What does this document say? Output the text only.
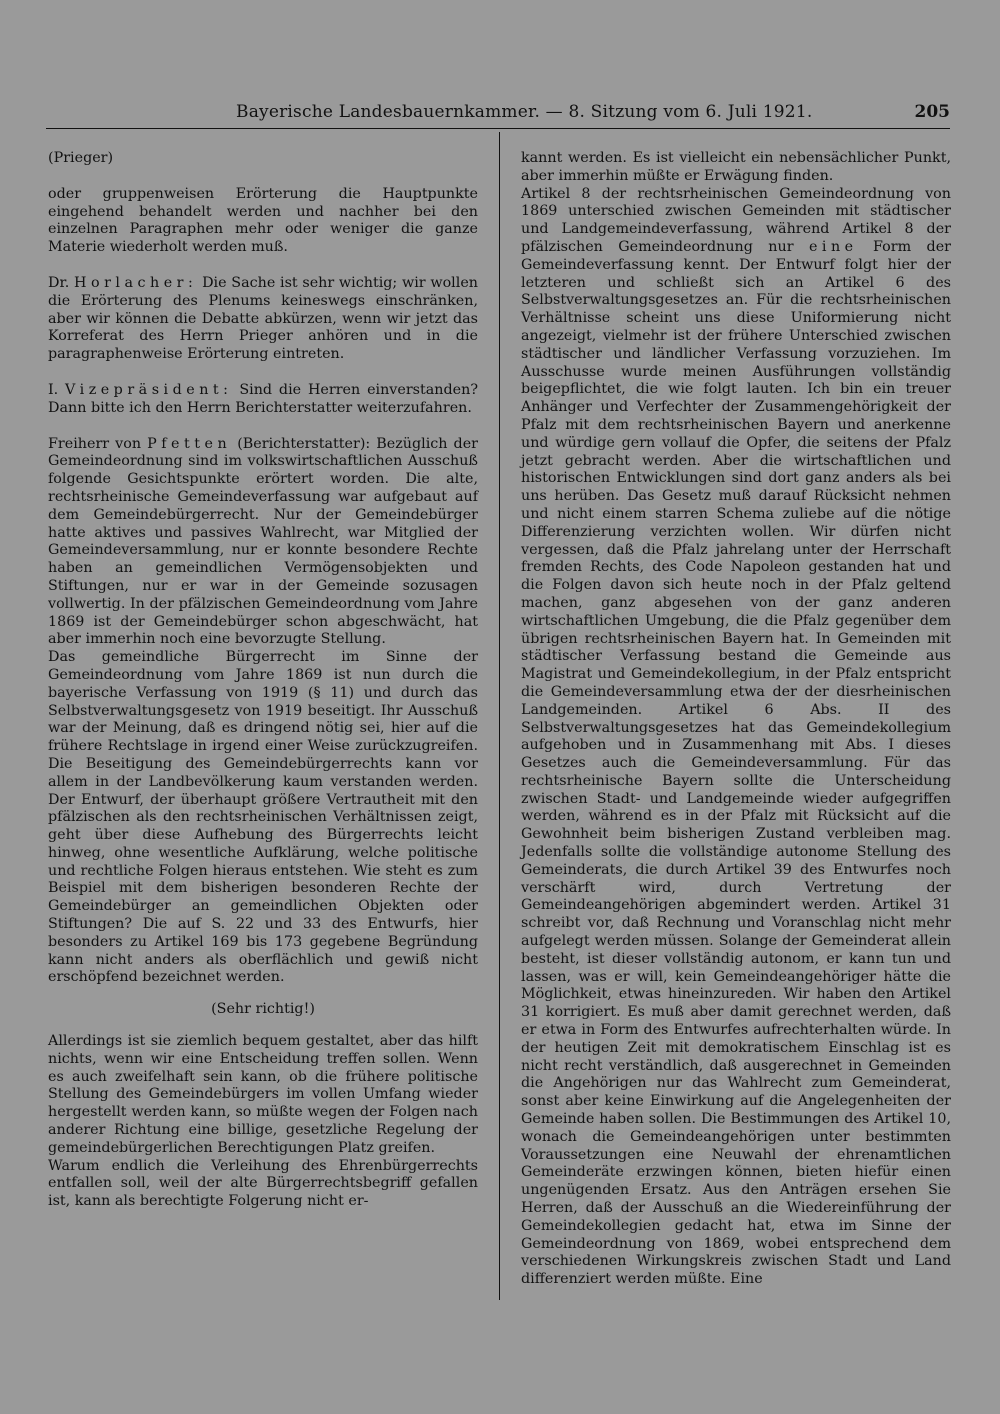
Bayerische Landesbauernkammer. — 8. Sitzung vom 6. Juli 1921.	205

(Prieger)

oder gruppenweisen Erörterung die Hauptpunkte eingehend behandelt werden und nachher bei den einzelnen Paragraphen mehr oder weniger die ganze Materie wiederholt werden muß.

Dr. Horlacher: Die Sache ist sehr wichtig; wir wollen die Erörterung des Plenums keineswegs einschränken, aber wir können die Debatte abkürzen, wenn wir jetzt das Korreferat des Herrn Prieger anhören und in die paragraphenweise Erörterung eintreten.

I. Vizepräsident: Sind die Herren einverstanden? Dann bitte ich den Herrn Berichterstatter weiterzufahren.

Freiherr von Pfetten (Berichterstatter): Bezüglich der Gemeindeordnung sind im volkswirtschaftlichen Ausschuß folgende Gesichtspunkte erörtert worden. Die alte, rechtsrheinische Gemeindeverfassung war aufgebaut auf dem Gemeindebürgerrecht. Nur der Gemeindebürger hatte aktives und passives Wahlrecht, war Mitglied der Gemeindeversammlung, nur er konnte besondere Rechte haben an gemeindlichen Vermögensobjekten und Stiftungen, nur er war in der Gemeinde sozusagen vollwertig. In der pfälzischen Gemeindeordnung vom Jahre 1869 ist der Gemeindebürger schon abgeschwächt, hat aber immerhin noch eine bevorzugte Stellung.

Das gemeindliche Bürgerrecht im Sinne der Gemeindeordnung vom Jahre 1869 ist nun durch die bayerische Verfassung von 1919 (§ 11) und durch das Selbstverwaltungsgesetz von 1919 beseitigt. Ihr Ausschuß war der Meinung, daß es dringend nötig sei, hier auf die frühere Rechtslage in irgend einer Weise zurückzugreifen. Die Beseitigung des Gemeindebürgerrechts kann vor allem in der Landbevölkerung kaum verstanden werden. Der Entwurf, der überhaupt größere Vertrautheit mit den pfälzischen als den rechtsrheinischen Verhältnissen zeigt, geht über diese Aufhebung des Bürgerrechts leicht hinweg, ohne wesentliche Aufklärung, welche politische und rechtliche Folgen hieraus entstehen. Wie steht es zum Beispiel mit dem bisherigen besonderen Rechte der Gemeindebürger an gemeindlichen Objekten oder Stiftungen? Die auf S. 22 und 33 des Entwurfs, hier besonders zu Artikel 169 bis 173 gegebene Begründung kann nicht anders als oberflächlich und gewiß nicht erschöpfend bezeichnet werden.

(Sehr richtig!)

Allerdings ist sie ziemlich bequem gestaltet, aber das hilft nichts, wenn wir eine Entscheidung treffen sollen. Wenn es auch zweifelhaft sein kann, ob die frühere politische Stellung des Gemeindebürgers im vollen Umfang wieder hergestellt werden kann, so müßte wegen der Folgen nach anderer Richtung eine billige, gesetzliche Regelung der gemeindebürgerlichen Berechtigungen Platz greifen.

Warum endlich die Verleihung des Ehrenbürgerrechts entfallen soll, weil der alte Bürgerrechtsbegriff gefallen ist, kann als berechtigte Folgerung nicht er-

kannt werden. Es ist vielleicht ein nebensächlicher Punkt, aber immerhin müßte er Erwägung finden.

Artikel 8 der rechtsrheinischen Gemeindeordnung von 1869 unterschied zwischen Gemeinden mit städtischer und Landgemeindeverfassung, während Artikel 8 der pfälzischen Gemeindeordnung nur eine Form der Gemeindeverfassung kennt. Der Entwurf folgt hier der letzteren und schließt sich an Artikel 6 des Selbstverwaltungsgesetzes an. Für die rechtsrheinischen Verhältnisse scheint uns diese Uniformierung nicht angezeigt, vielmehr ist der frühere Unterschied zwischen städtischer und ländlicher Verfassung vorzuziehen. Im Ausschusse wurde meinen Ausführungen vollständig beigepflichtet, die wie folgt lauten. Ich bin ein treuer Anhänger und Verfechter der Zusammengehörigkeit der Pfalz mit dem rechtsrheinischen Bayern und anerkenne und würdige gern vollauf die Opfer, die seitens der Pfalz jetzt gebracht werden. Aber die wirtschaftlichen und historischen Entwicklungen sind dort ganz anders als bei uns herüben. Das Gesetz muß darauf Rücksicht nehmen und nicht einem starren Schema zuliebe auf die nötige Differenzierung verzichten wollen. Wir dürfen nicht vergessen, daß die Pfalz jahrelang unter der Herrschaft fremden Rechts, des Code Napoleon gestanden hat und die Folgen davon sich heute noch in der Pfalz geltend machen, ganz abgesehen von der ganz anderen wirtschaftlichen Umgebung, die die Pfalz gegenüber dem übrigen rechtsrheinischen Bayern hat. In Gemeinden mit städtischer Verfassung bestand die Gemeinde aus Magistrat und Gemeindekollegium, in der Pfalz entspricht die Gemeindeversammlung etwa der der diesrheinischen Landgemeinden. Artikel 6 Abs. II des Selbstverwaltungsgesetzes hat das Gemeindekollegium aufgehoben und in Zusammenhang mit Abs. I dieses Gesetzes auch die Gemeindeversammlung. Für das rechtsrheinische Bayern sollte die Unterscheidung zwischen Stadt- und Landgemeinde wieder aufgegriffen werden, während es in der Pfalz mit Rücksicht auf die Gewohnheit beim bisherigen Zustand verbleiben mag. Jedenfalls sollte die vollständige autonome Stellung des Gemeinderats, die durch Artikel 39 des Entwurfes noch verschärft wird, durch Vertretung der Gemeindeangehörigen abgemindert werden. Artikel 31 schreibt vor, daß Rechnung und Voranschlag nicht mehr aufgelegt werden müssen. Solange der Gemeinderat allein besteht, ist dieser vollständig autonom, er kann tun und lassen, was er will, kein Gemeindeangehöriger hätte die Möglichkeit, etwas hineinzureden. Wir haben den Artikel 31 korrigiert. Es muß aber damit gerechnet werden, daß er etwa in Form des Entwurfes aufrechterhalten würde. In der heutigen Zeit mit demokratischem Einschlag ist es nicht recht verständlich, daß ausgerechnet in Gemeinden die Angehörigen nur das Wahlrecht zum Gemeinderat, sonst aber keine Einwirkung auf die Angelegenheiten der Gemeinde haben sollen. Die Bestimmungen des Artikel 10, wonach die Gemeindeangehörigen unter bestimmten Voraussetzungen eine Neuwahl der ehrenamtlichen Gemeinderäte erzwingen können, bieten hiefür einen ungenügenden Ersatz. Aus den Anträgen ersehen Sie Herren, daß der Ausschuß an die Wiedereinführung der Gemeindekollegien gedacht hat, etwa im Sinne der Gemeindeordnung von 1869, wobei entsprechend dem verschiedenen Wirkungskreis zwischen Stadt und Land differenziert werden müßte. Eine
